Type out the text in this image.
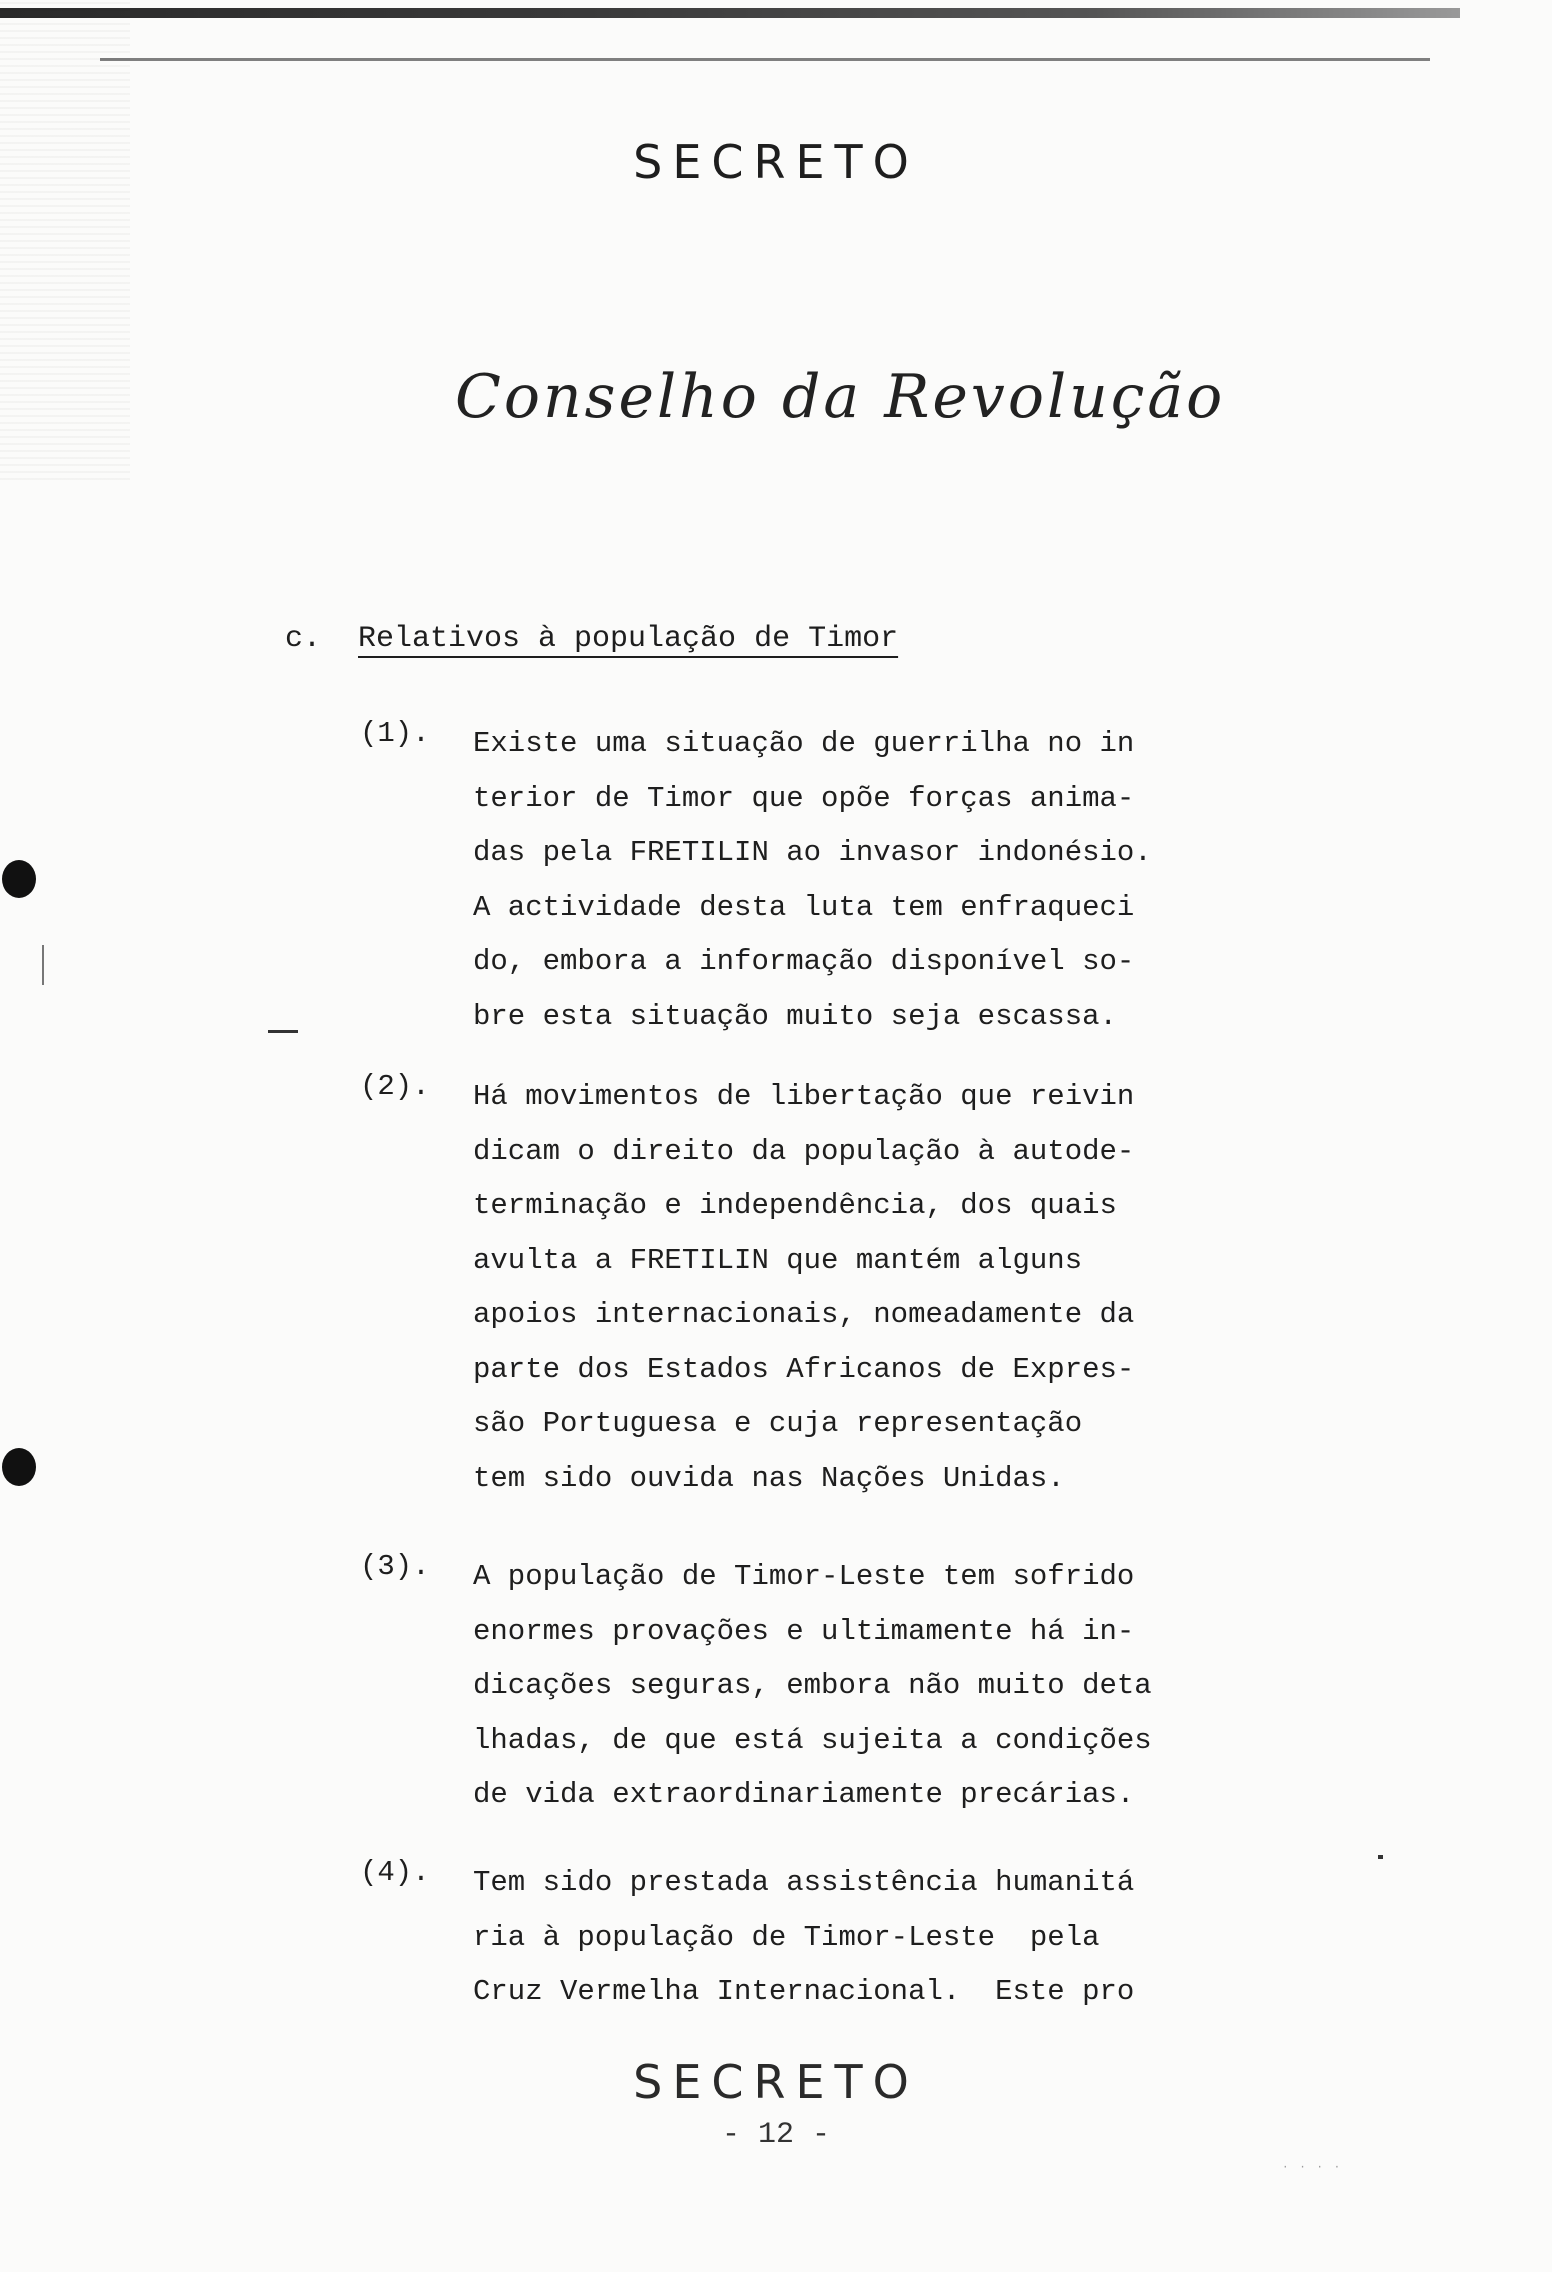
SECRETO
Conselho da Revolução
c. Relativos à população de Timor
(1). Existe uma situação de guerrilha no in
terior de Timor que opõe forças anima-
das pela FRETILIN ao invasor indonésio.
A actividade desta luta tem enfraqueci
do, embora a informação disponível so-
bre esta situação muito seja escassa.
(2). Há movimentos de libertação que reivin
dicam o direito da população à autode-
terminação e independência, dos quais
avulta a FRETILIN que mantém alguns
apoios internacionais, nomeadamente da
parte dos Estados Africanos de Expres-
são Portuguesa e cuja representação
tem sido ouvida nas Nações Unidas.
(3). A população de Timor-Leste tem sofrido
enormes provações e ultimamente há in-
dicações seguras, embora não muito deta
lhadas, de que está sujeita a condições
de vida extraordinariamente precárias.
(4). Tem sido prestada assistência humanitá
ria à população de Timor-Leste  pela
Cruz Vermelha Internacional.  Este pro
SECRETO
- 12 -
· · · ·
